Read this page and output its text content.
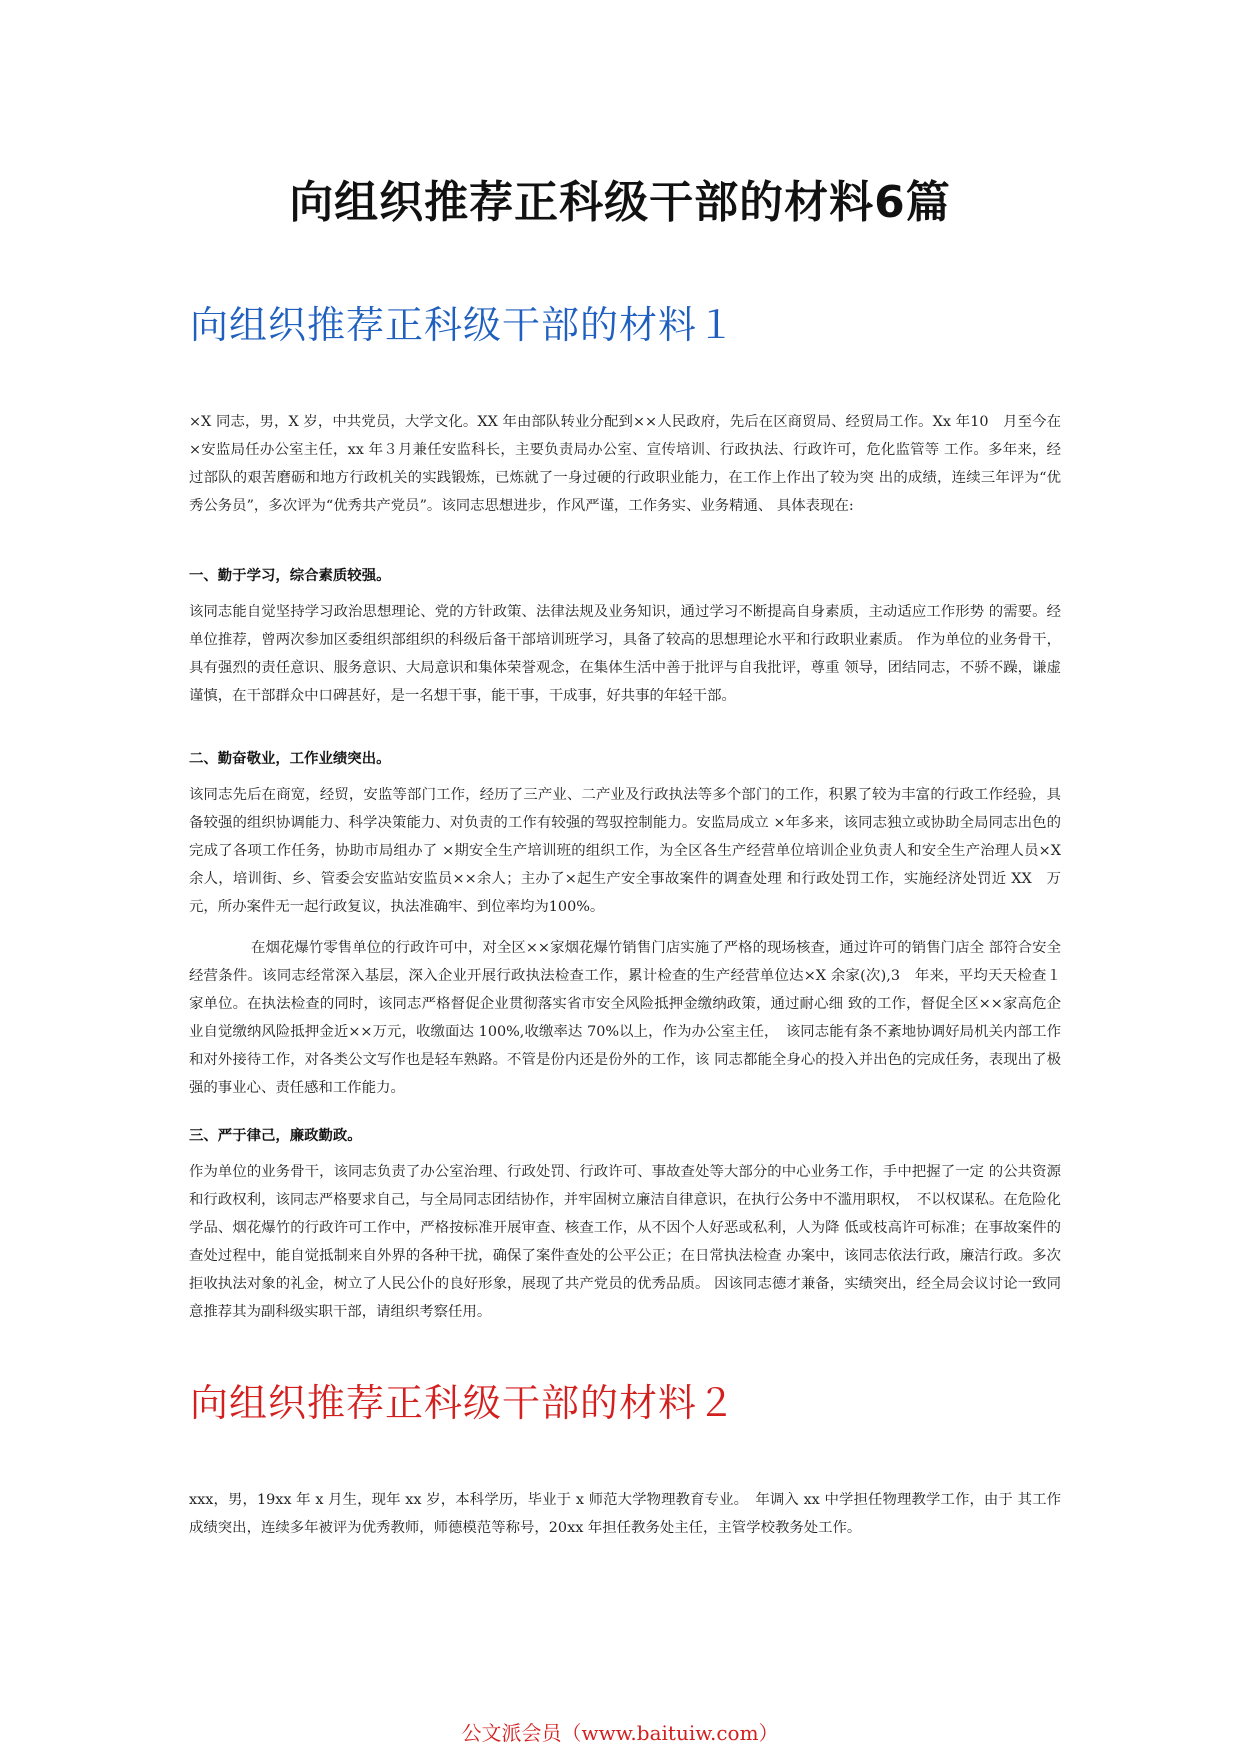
向组织推荐正科级干部的材料6篇
向组织推荐正科级干部的材料１

×X 同志，男，X 岁，中共党员，大学文化。XX 年由部队转业分配到××人民政府，先后在区商贸局、经贸局工作。Xx 年10　月至今在×安监局任办公室主任，xx 年３月兼任安监科长，主要负责局办公室、宣传培训、行政执法、行政许可，危化监管等 工作。多年来，经过部队的艰苦磨砺和地方行政机关的实践锻炼，已炼就了一身过硬的行政职业能力，在工作上作出了较为突 出的成绩，连续三年评为“优秀公务员”，多次评为“优秀共产党员”。该同志思想进步，作风严谨，工作务实、业务精通、 具体表现在:

一、勤于学习，综合素质较强。

该同志能自觉坚持学习政治思想理论、党的方针政策、法律法规及业务知识，通过学习不断提高自身素质，主动适应工作形势 的需要。经单位推荐，曾两次参加区委组织部组织的科级后备干部培训班学习，具备了较高的思想理论水平和行政职业素质。 作为单位的业务骨干，具有强烈的责任意识、服务意识、大局意识和集体荣誉观念，在集体生活中善于批评与自我批评，尊重 领导，团结同志，不骄不躁，谦虚谨慎，在干部群众中口碑甚好，是一名想干事，能干事，干成事，好共事的年轻干部。

二、勤奋敬业，工作业绩突出。

该同志先后在商宽，经贸，安监等部门工作，经历了三产业、二产业及行政执法等多个部门的工作，积累了较为丰富的行政工作经验，具备较强的组织协调能力、科学决策能力、对负责的工作有较强的驾驭控制能力。安监局成立 ×年多来，该同志独立或协助全局同志出色的完成了各项工作任务，协助市局组办了 ×期安全生产培训班的组织工作，为全区各生产经营单位培训企业负责人和安全生产治理人员×X 余人，培训街、乡、管委会安监站安监员××余人；主办了×起生产安全事故案件的调查处理 和行政处罚工作，实施经济处罚近 XX　万元，所办案件无一起行政复议，执法准确牢、到位率均为100%。

在烟花爆竹零售单位的行政许可中，对全区××家烟花爆竹销售门店实施了严格的现场核查，通过许可的销售门店全 部符合安全经营条件。该同志经常深入基层，深入企业开展行政执法检查工作，累计检查的生产经营单位达×X 余家(次),3　年来，平均天天检查１家单位。在执法检查的同时，该同志严格督促企业贯彻落实省市安全风险抵押金缴纳政策，通过耐心细 致的工作，督促全区××家高危企业自觉缴纳风险抵押金近××万元，收缴面达 100%,收缴率达 70%以上，作为办公室主任，　该同志能有条不紊地协调好局机关内部工作和对外接待工作，对各类公文写作也是轻车熟路。不管是份内还是份外的工作，该 同志都能全身心的投入并出色的完成任务，表现出了极强的事业心、责任感和工作能力。

三、严于律己，廉政勤政。

作为单位的业务骨干，该同志负责了办公室治理、行政处罚、行政许可、事故查处等大部分的中心业务工作，手中把握了一定 的公共资源和行政权利，该同志严格要求自己，与全局同志团结协作，并牢固树立廉洁自律意识，在执行公务中不滥用职权，　不以权谋私。在危险化学品、烟花爆竹的行政许可工作中，严格按标准开展审查、核查工作，从不因个人好恶或私利，人为降 低或枝高许可标准；在事故案件的查处过程中，能自觉抵制来自外界的各种干扰，确保了案件查处的公平公正；在日常执法检查 办案中，该同志依法行政，廉洁行政。多次拒收执法对象的礼金，树立了人民公仆的良好形象，展现了共产党员的优秀品质。 因该同志德才兼备，实绩突出，经全局会议讨论一致同意推荐其为副科级实职干部，请组织考察任用。

向组织推荐正科级干部的材料２

xxx，男，19xx 年 x 月生，现年 xx 岁，本科学历，毕业于 x 师范大学物理教育专业。　年调入 xx 中学担任物理教学工作，由于 其工作成绩突出，连续多年被评为优秀教师，师德模范等称号，20xx 年担任教务处主任，主管学校教务处工作。

公文派会员（www.baituiw.com）
